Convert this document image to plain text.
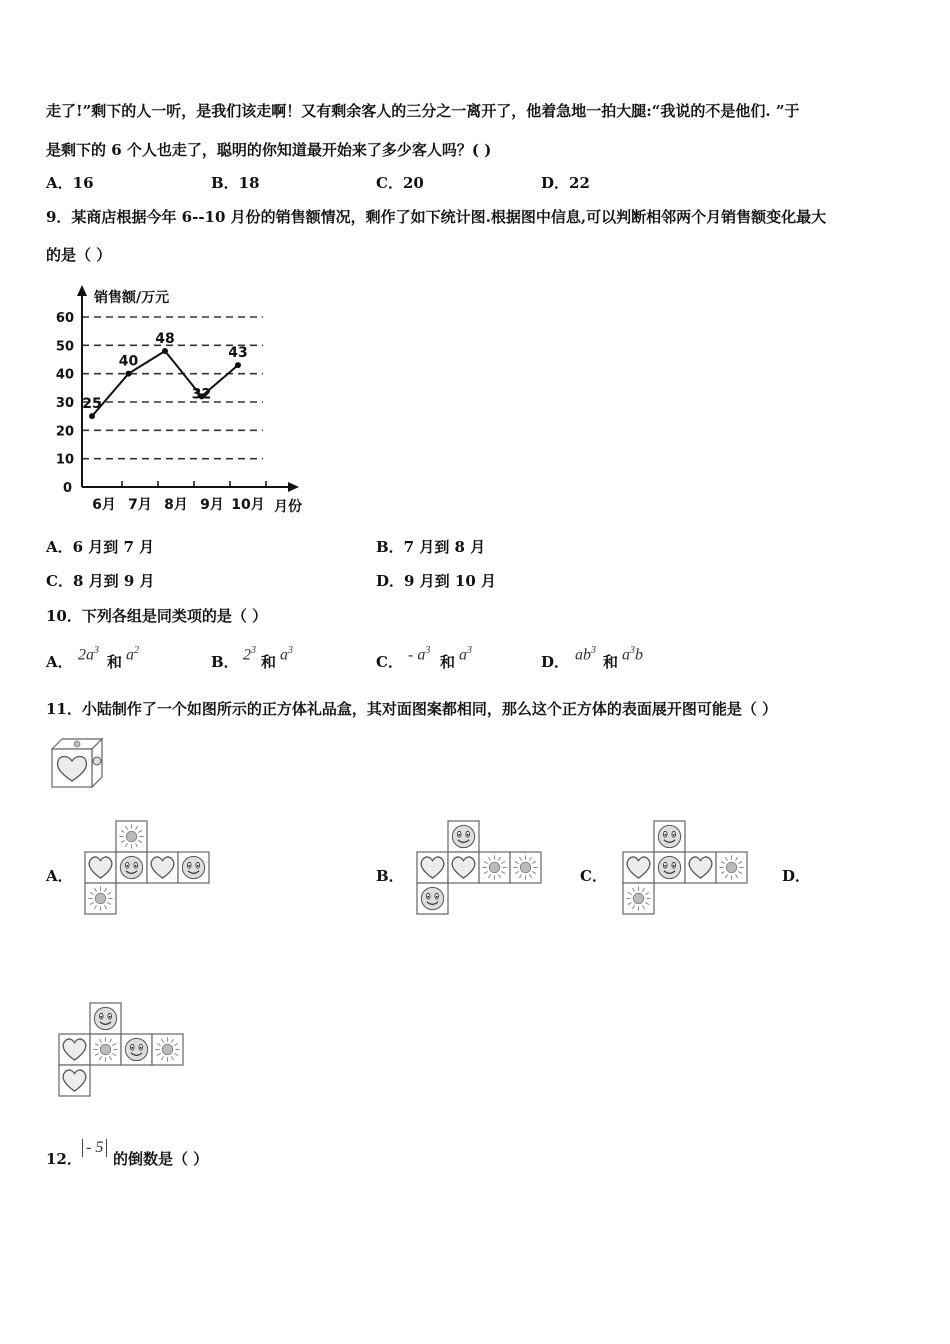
走了!”剩下的人一听，是我们该走啊！又有剩余客人的三分之一离开了，他着急地一拍大腿:“我说的不是他们. ”于
是剩下的 6 个人也走了，聪明的你知道最开始来了多少客人吗？( )
A．16	B．18	C．20	D．22
9．某商店根据今年 6--10 月份的销售额情况，剩作了如下统计图.根据图中信息,可以判断相邻两个月销售额变化最大
的是（ ）
0
10
20
30
40
50
60
销售额/万元
月份
6月 7月 8月 9月 10月
25
40
48
32
43
A．6 月到 7 月	B．7 月到 8 月
C．8 月到 9 月	D．9 月到 10 月
10．下列各组是同类项的是（ ）
A． $2a^3$
和 $a^2$
B． $2^3$
和 $a^3$
C． - $a^3$
和 $a^3$
D． $ab^3$
和 $a^3b$
11．小陆制作了一个如图所示的正方体礼品盒，其对面图案都相同，那么这个正方体的表面展开图可能是（ ）
A．	B．	C．	D．
12．
- 5
的倒数是（ ）
